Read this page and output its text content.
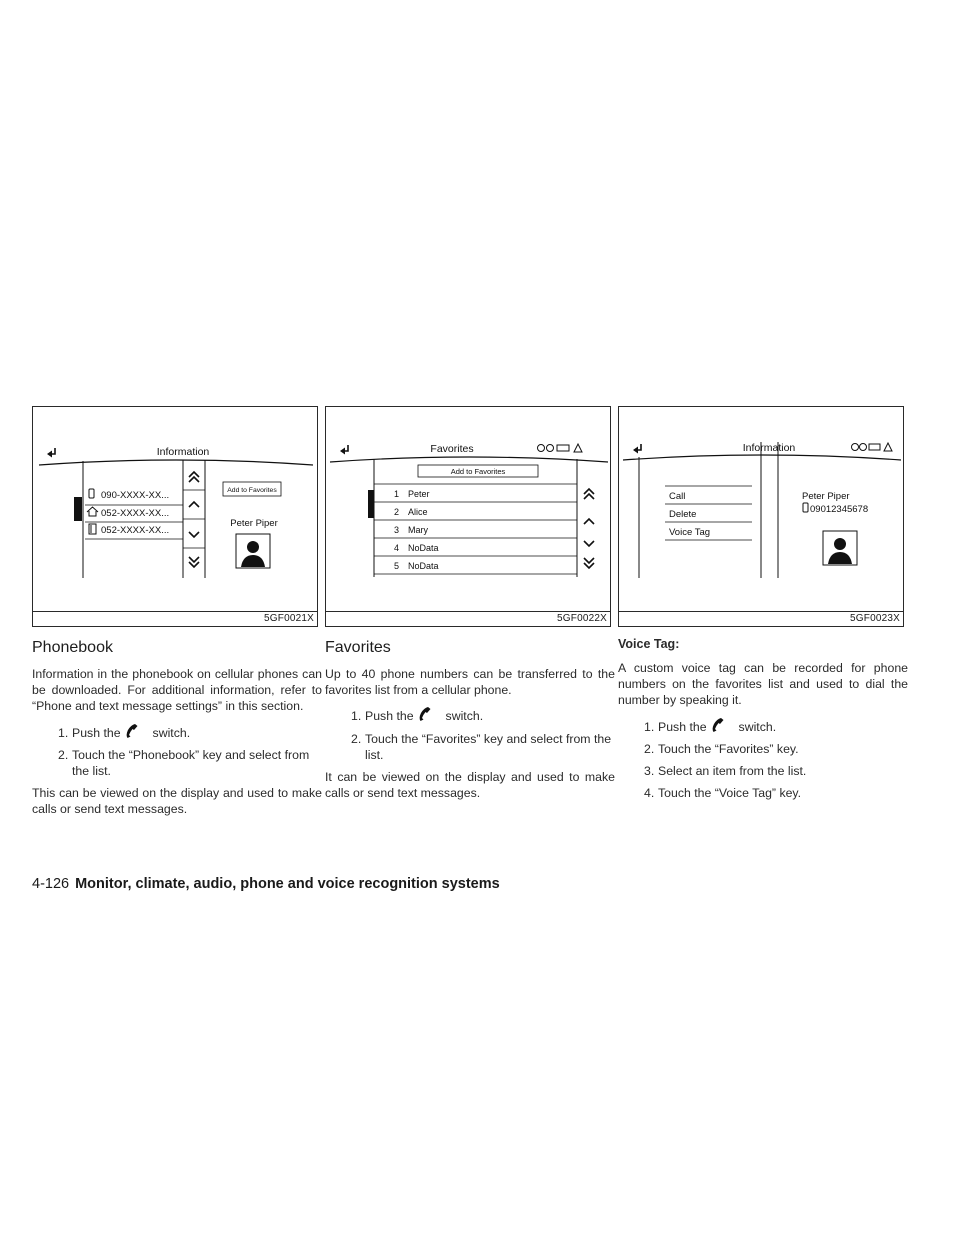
Information
090-XXXX-XX...
052-XXXX-XX...
052-XXXX-XX...
Add to Favorites
Peter Piper
5GF0021X
Favorites
Add to Favorites
1 Peter
2 Alice
3 Mary
4 NoData
5 NoData
5GF0022X
Information
Call
Delete
Voice Tag
Peter Piper
09012345678
5GF0023X
Phonebook

Information in the phonebook on cellular phones can be downloaded. For additional information, refer to “Phone and text message settings” in this section.

1. Push the	switch.
2. Touch the “Phonebook” key and select from the list.

This can be viewed on the display and used to make calls or send text messages.

Favorites

Up to 40 phone numbers can be transferred to the favorites list from a cellular phone.

1. Push the	switch.
2. Touch the “Favorites” key and select from the list.

It can be viewed on the display and used to make calls or send text messages.

Voice Tag:

A custom voice tag can be recorded for phone numbers on the favorites list and used to dial the number by speaking it.

1. Push the	switch.
2. Touch the “Favorites” key.
3. Select an item from the list.
4. Touch the “Voice Tag” key.
4-126 Monitor, climate, audio, phone and voice recognition systems
